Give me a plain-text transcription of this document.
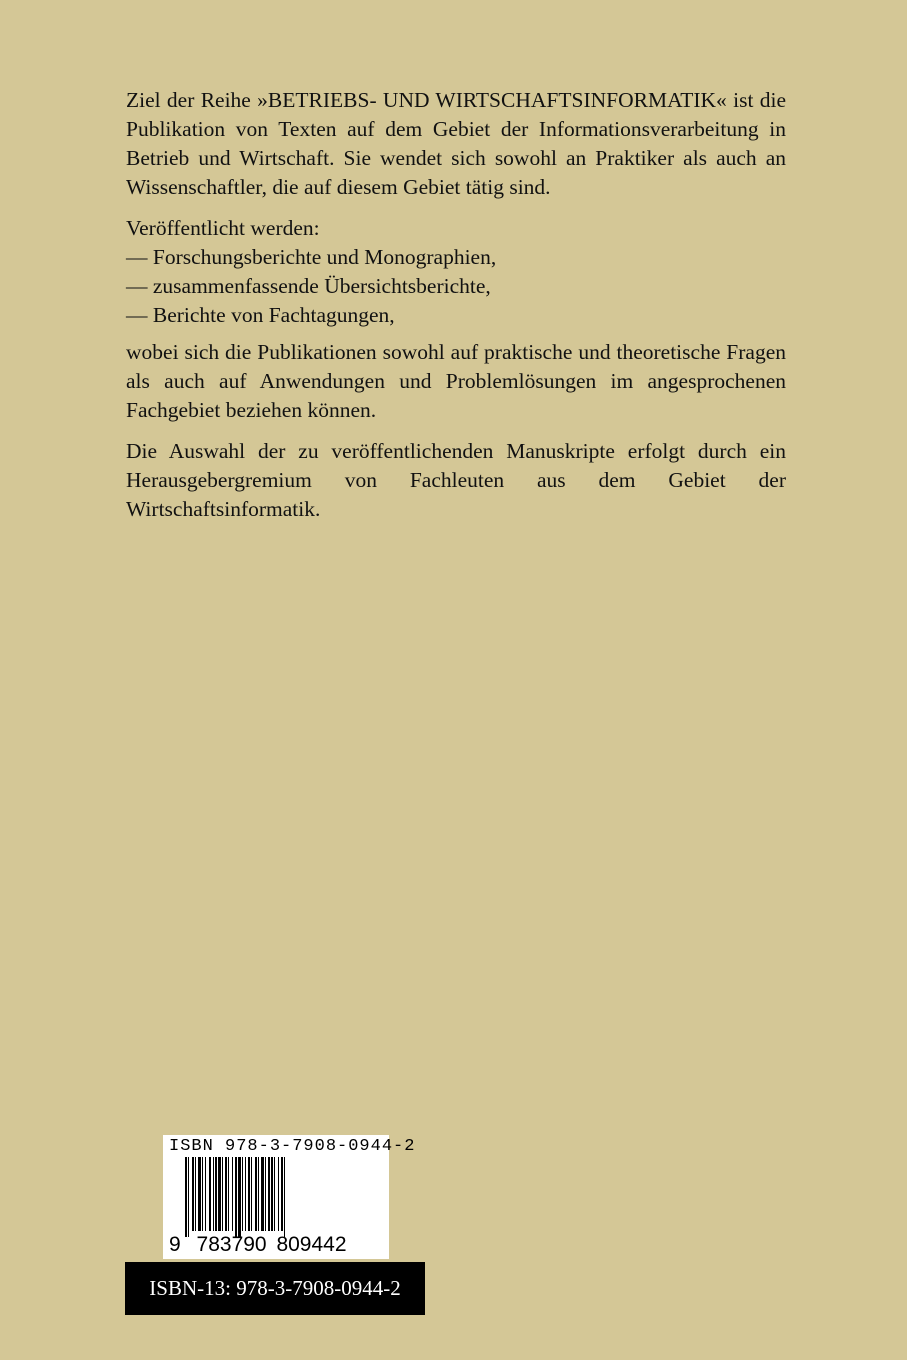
Ziel der Reihe »BETRIEBS- UND WIRTSCHAFTSINFORMATIK« ist die Publikation von Texten auf dem Gebiet der Informationsverarbeitung in Betrieb und Wirtschaft. Sie wendet sich sowohl an Praktiker als auch an Wissenschaftler, die auf diesem Gebiet tätig sind.

Veröffentlicht werden:

— Forschungsberichte und Monographien,
— zusammenfassende Übersichtsberichte,
— Berichte von Fachtagungen,

wobei sich die Publikationen sowohl auf praktische und theoretische Fragen als auch auf Anwendungen und Problemlösungen im angesprochenen Fachgebiet beziehen können.

Die Auswahl der zu veröffentlichenden Manuskripte erfolgt durch ein Herausgebergremium von Fachleuten aus dem Gebiet der Wirtschaftsinformatik.

ISBN 978-3-7908-0944-2
9 783790 809442
ISBN-13: 978-3-7908-0944-2
